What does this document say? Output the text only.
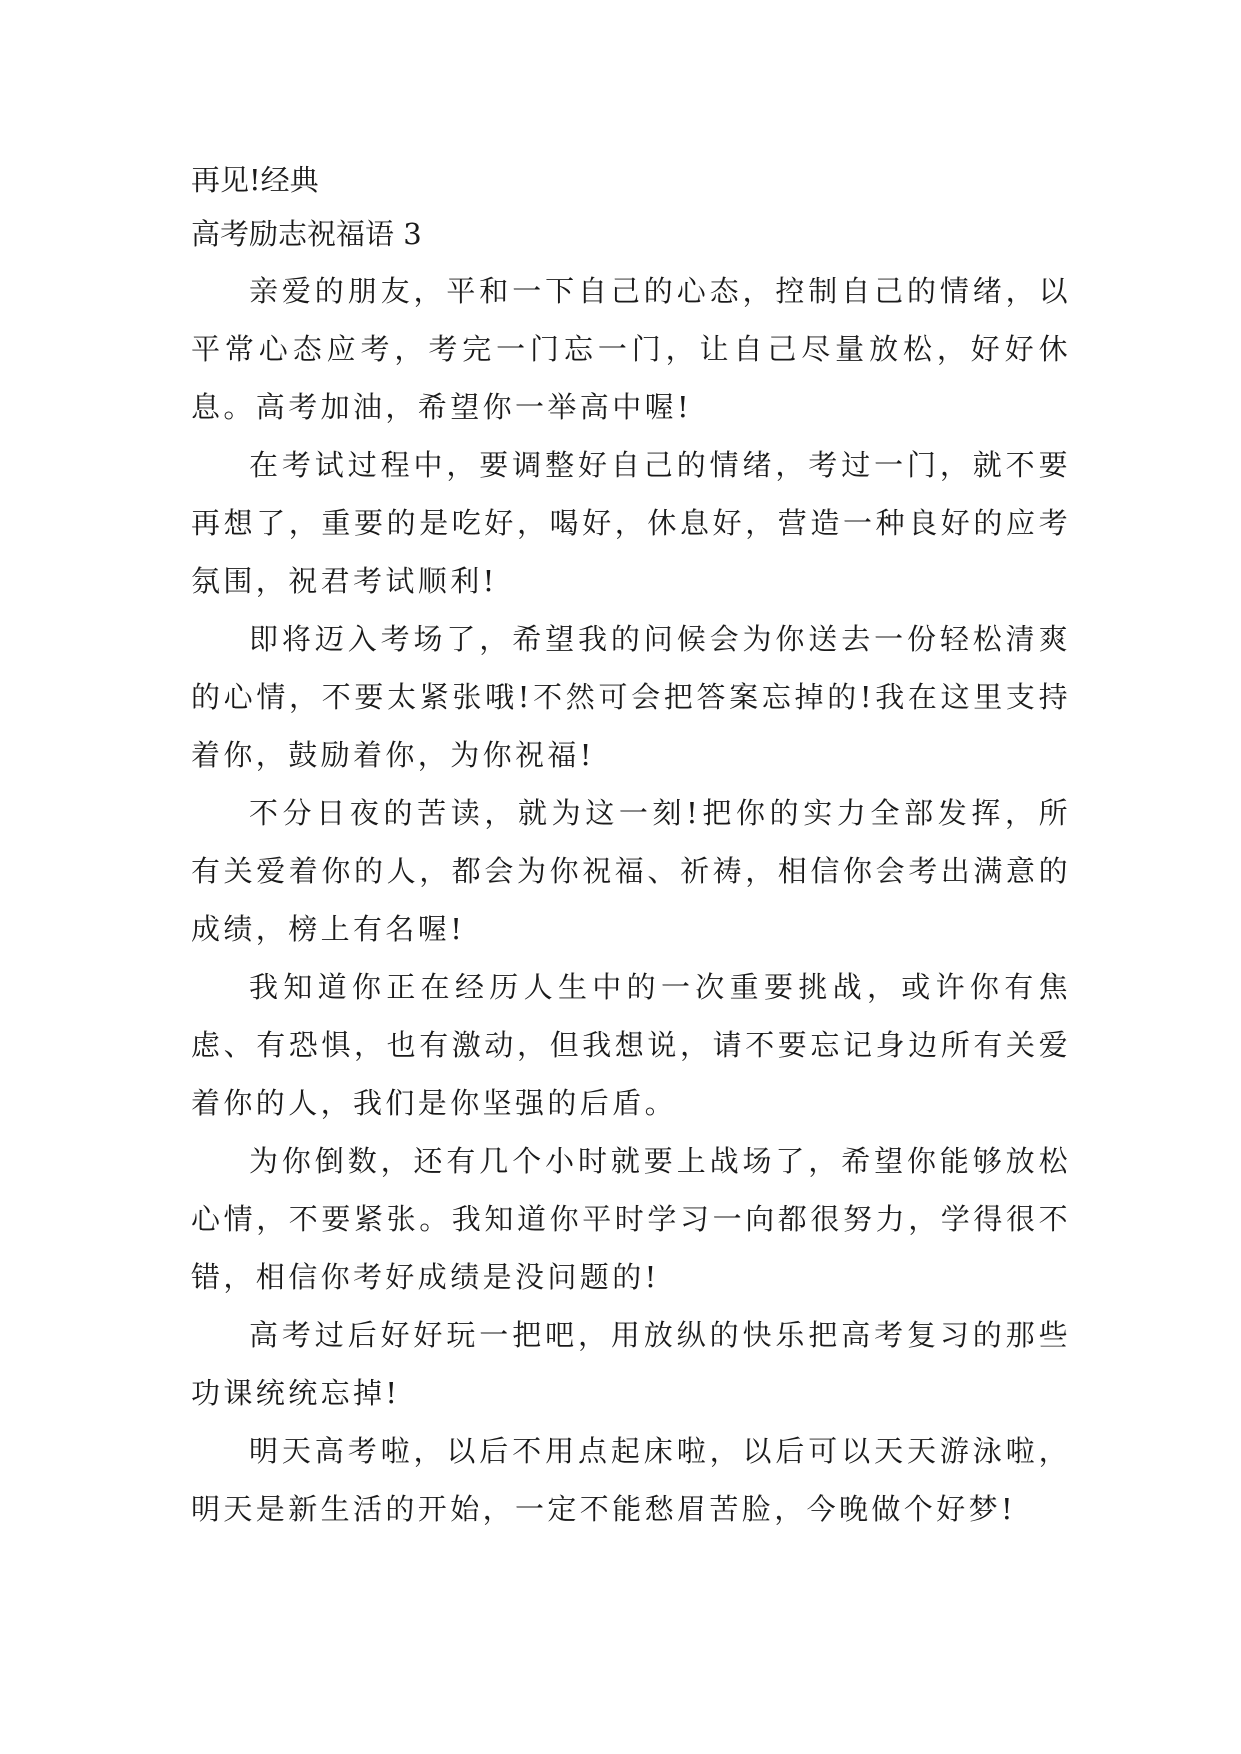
再见!经典

高考励志祝福语 3

亲爱的朋友，平和一下自己的心态，控制自己的情绪，以平常心态应考，考完一门忘一门，让自己尽量放松，好好休息。高考加油，希望你一举高中喔!

在考试过程中，要调整好自己的情绪，考过一门，就不要再想了，重要的是吃好，喝好，休息好，营造一种良好的应考氛围，祝君考试顺利!

即将迈入考场了，希望我的问候会为你送去一份轻松清爽的心情，不要太紧张哦!不然可会把答案忘掉的!我在这里支持着你，鼓励着你，为你祝福!

不分日夜的苦读，就为这一刻!把你的实力全部发挥，所有关爱着你的人，都会为你祝福、祈祷，相信你会考出满意的成绩，榜上有名喔!

我知道你正在经历人生中的一次重要挑战，或许你有焦虑、有恐惧，也有激动，但我想说，请不要忘记身边所有关爱着你的人，我们是你坚强的后盾。

为你倒数，还有几个小时就要上战场了，希望你能够放松心情，不要紧张。我知道你平时学习一向都很努力，学得很不错，相信你考好成绩是没问题的!

高考过后好好玩一把吧，用放纵的快乐把高考复习的那些功课统统忘掉!

明天高考啦，以后不用点起床啦，以后可以天天游泳啦，明天是新生活的开始，一定不能愁眉苦脸，今晚做个好梦!
